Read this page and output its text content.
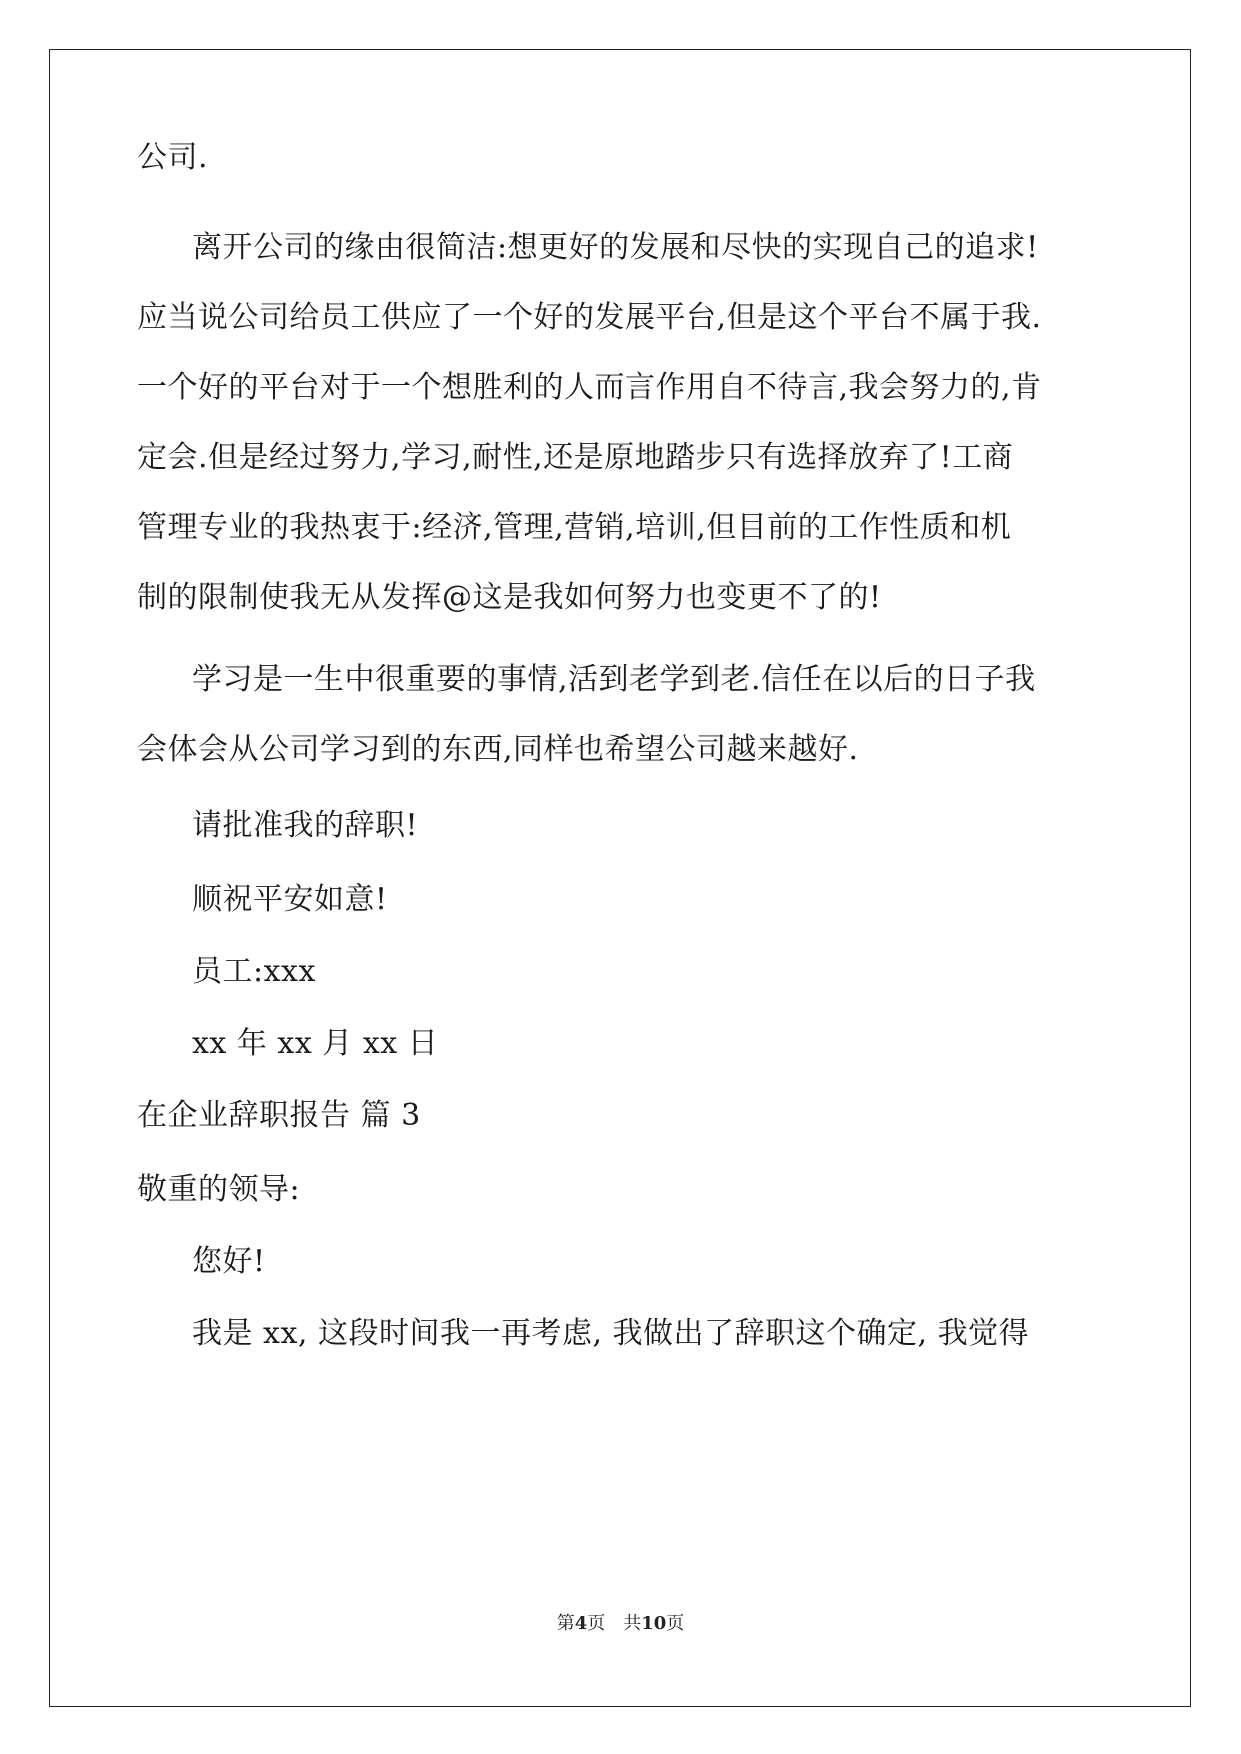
公司.
离开公司的缘由很简洁:想更好的发展和尽快的实现自己的追求!
应当说公司给员工供应了一个好的发展平台,但是这个平台不属于我.
一个好的平台对于一个想胜利的人而言作用自不待言,我会努力的,肯
定会.但是经过努力,学习,耐性,还是原地踏步只有选择放弃了!工商
管理专业的我热衷于:经济,管理,营销,培训,但目前的工作性质和机
制的限制使我无从发挥@这是我如何努力也变更不了的!
学习是一生中很重要的事情,活到老学到老.信任在以后的日子我
会体会从公司学习到的东西,同样也希望公司越来越好.
请批准我的辞职!
顺祝平安如意!
员工:xxx
xx 年 xx 月 xx 日
在企业辞职报告 篇 3
敬重的领导:
您好!
我是 xx, 这段时间我一再考虑, 我做出了辞职这个确定, 我觉得
第4页　共10页
